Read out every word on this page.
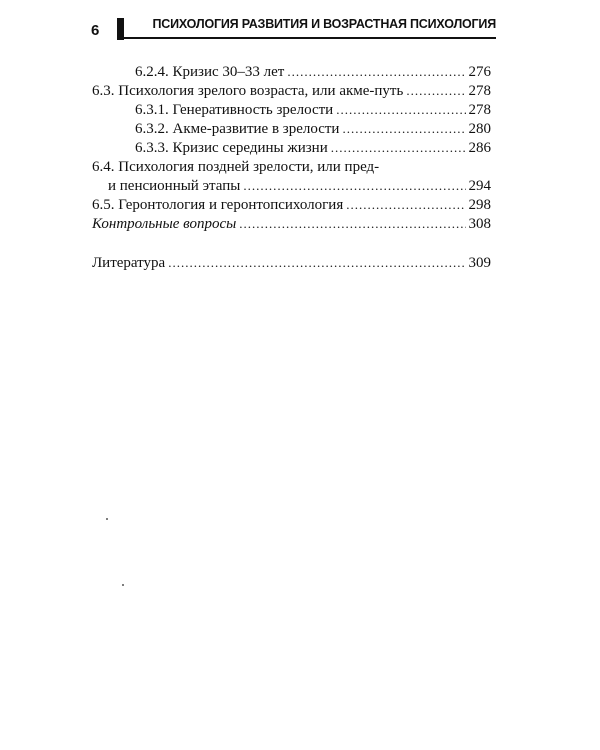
6	ПСИХОЛОГИЯ РАЗВИТИЯ И ВОЗРАСТНАЯ ПСИХОЛОГИЯ
6.2.4. Кризис 30–33 лет .....	276
6.3. Психология зрелого возраста, или акме-путь .....	278
6.3.1. Генеративность зрелости .....	278
6.3.2. Акме-развитие в зрелости .....	280
6.3.3. Кризис середины жизни .....	286
6.4. Психология поздней зрелости, или пред-
и пенсионный этапы .....	294
6.5. Геронтология и геронтопсихология .....	298
Контрольные вопросы .....	308
Литература .....	309
